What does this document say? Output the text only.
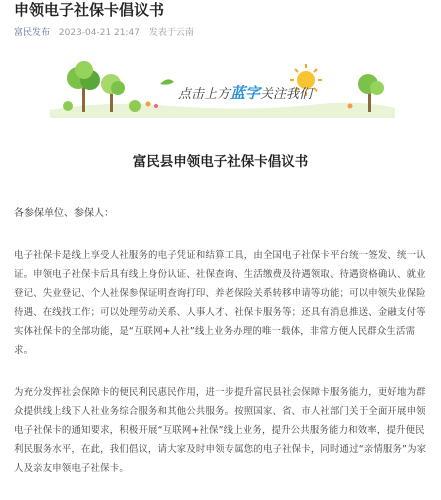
申领电子社保卡倡议书
富民发布 2023-04-21 21:47 发表于云南
点击上方蓝字关注我们
富民县申领电子社保卡倡议书
各参保单位、参保人：
电子社保卡是线上享受人社服务的电子凭证和结算工具，由全国电子社保卡平台统一签发、统一认证。申领电子社保卡后具有线上身份认证、社保查询、生活缴费及待遇领取、待遇资格确认、就业登记、失业登记、个人社保参保证明查询打印、养老保险关系转移申请等功能；可以申领失业保险待遇、在线找工作；可以处理劳动关系、人事人才、社保卡服务等；还具有消息推送、金融支付等实体社保卡的全部功能，是“互联网+人社”线上业务办理的唯一载体，非常方便人民群众生活需求。
为充分发挥社会保障卡的便民利民惠民作用，进一步提升富民县社会保障卡服务能力，更好地为群众提供线上线下人社业务综合服务和其他公共服务。按照国家、省、市人社部门关于全面开展申领电子社保卡的通知要求，积极开展“互联网+社保”线上业务，提升公共服务能力和效率，提升便民利民服务水平，在此，我们倡议，请大家及时申领专属您的电子社保卡，同时通过“亲情服务”为家人及亲友申领电子社保卡。
